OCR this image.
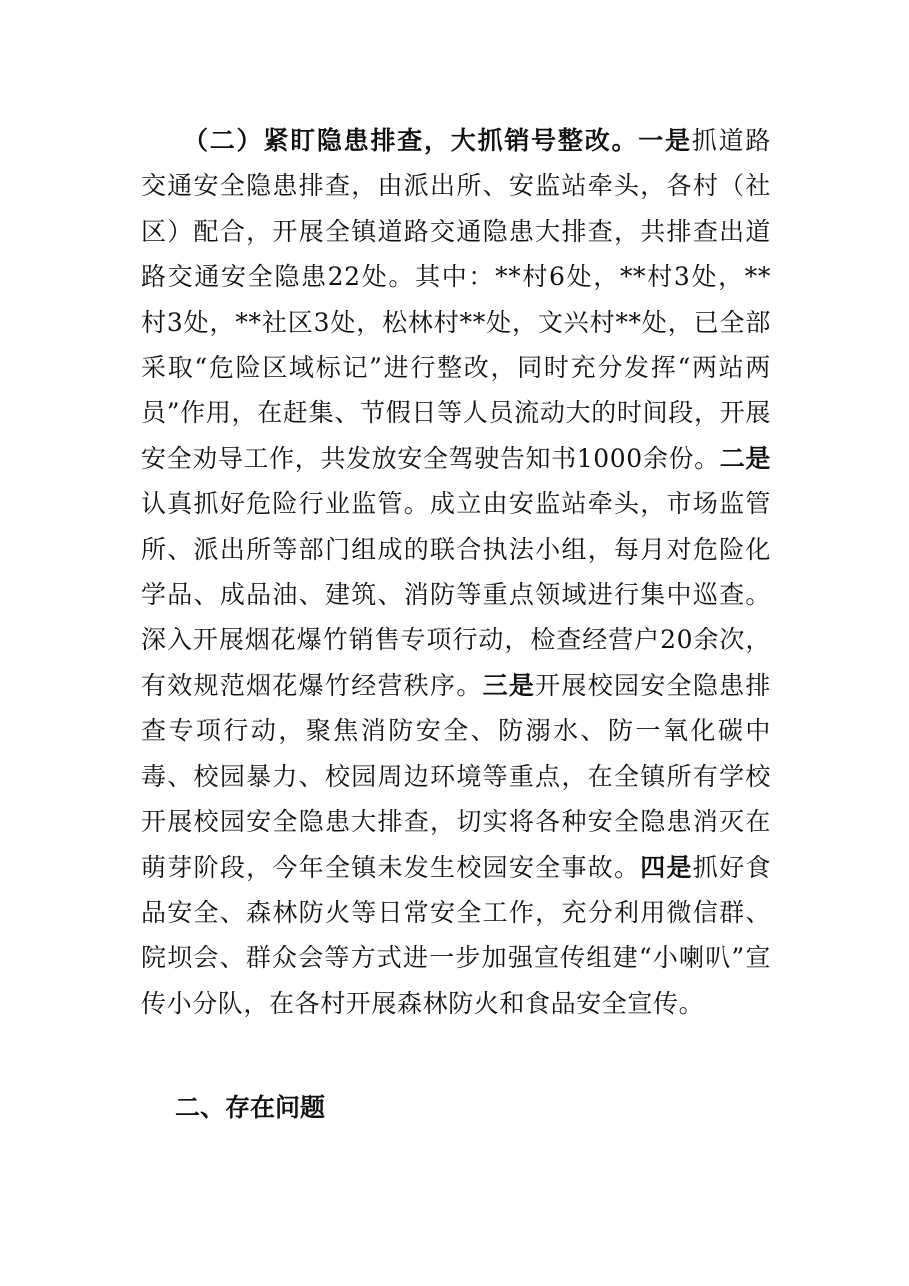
（二）紧盯隐患排查，大抓销号整改。一是抓道路交通安全隐患排查，由派出所、安监站牵头，各村（社区）配合，开展全镇道路交通隐患大排查，共排查出道路交通安全隐患22处。其中：**村6处，**村3处，**村3处，**社区3处，松林村**处，文兴村**处，已全部采取“危险区域标记”进行整改，同时充分发挥“两站两员”作用，在赶集、节假日等人员流动大的时间段，开展安全劝导工作，共发放安全驾驶告知书1000余份。二是认真抓好危险行业监管。成立由安监站牵头，市场监管所、派出所等部门组成的联合执法小组，每月对危险化学品、成品油、建筑、消防等重点领域进行集中巡查。深入开展烟花爆竹销售专项行动，检查经营户20余次，有效规范烟花爆竹经营秩序。三是开展校园安全隐患排查专项行动，聚焦消防安全、防溺水、防一氧化碳中毒、校园暴力、校园周边环境等重点，在全镇所有学校开展校园安全隐患大排查，切实将各种安全隐患消灭在萌芽阶段，今年全镇未发生校园安全事故。四是抓好食品安全、森林防火等日常安全工作，充分利用微信群、院坝会、群众会等方式进一步加强宣传组建“小喇叭”宣传小分队，在各村开展森林防火和食品安全宣传。

二、存在问题
